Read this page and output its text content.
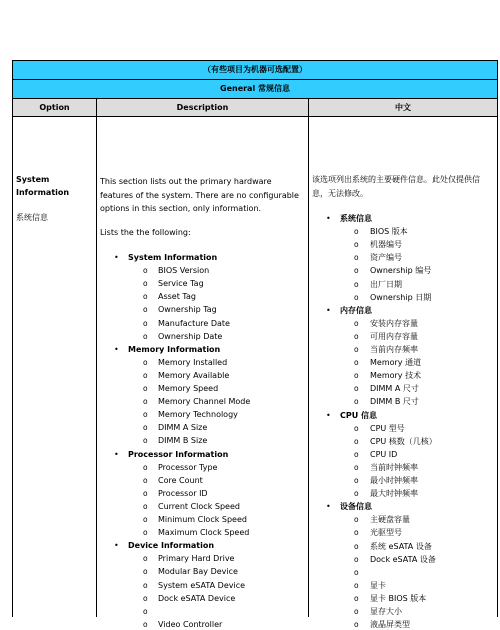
（有些项目为机器可选配置）
General 常规信息
Option	Description	中文
System
Information
系统信息
This section lists out the primary hardware features of the system. There are no configurable options in this section, only information.
Lists the the following:
• System Information
o BIOS Version
o Service Tag
o Asset Tag
o Ownership Tag
o Manufacture Date
o Ownership Date
• Memory Information
o Memory Installed
o Memory Available
o Memory Speed
o Memory Channel Mode
o Memory Technology
o DIMM A Size
o DIMM B Size
• Processor Information
o Processor Type
o Core Count
o Processor ID
o Current Clock Speed
o Minimum Clock Speed
o Maximum Clock Speed
• Device Information
o Primary Hard Drive
o Modular Bay Device
o System eSATA Device
o Dock eSATA Device
o
o Video Controller
该选项列出系统的主要硬件信息。此处仅提供信息，无法修改。
• 系统信息
o BIOS 版本
o 机器编号
o 资产编号
o Ownership 编号
o 出厂日期
o Ownership 日期
• 内存信息
o 安装内存容量
o 可用内存容量
o 当前内存频率
o Memory 通道
o Memory 技术
o DIMM A 尺寸
o DIMM B 尺寸
• CPU 信息
o CPU 型号
o CPU 核数（几核）
o CPU ID
o 当前时钟频率
o 最小时钟频率
o 最大时钟频率
• 设备信息
o 主硬盘容量
o 光驱型号
o 系统 eSATA 设备
o Dock eSATA 设备
o
o 显卡
o 显卡 BIOS 版本
o 显存大小
o 液晶屏类型
